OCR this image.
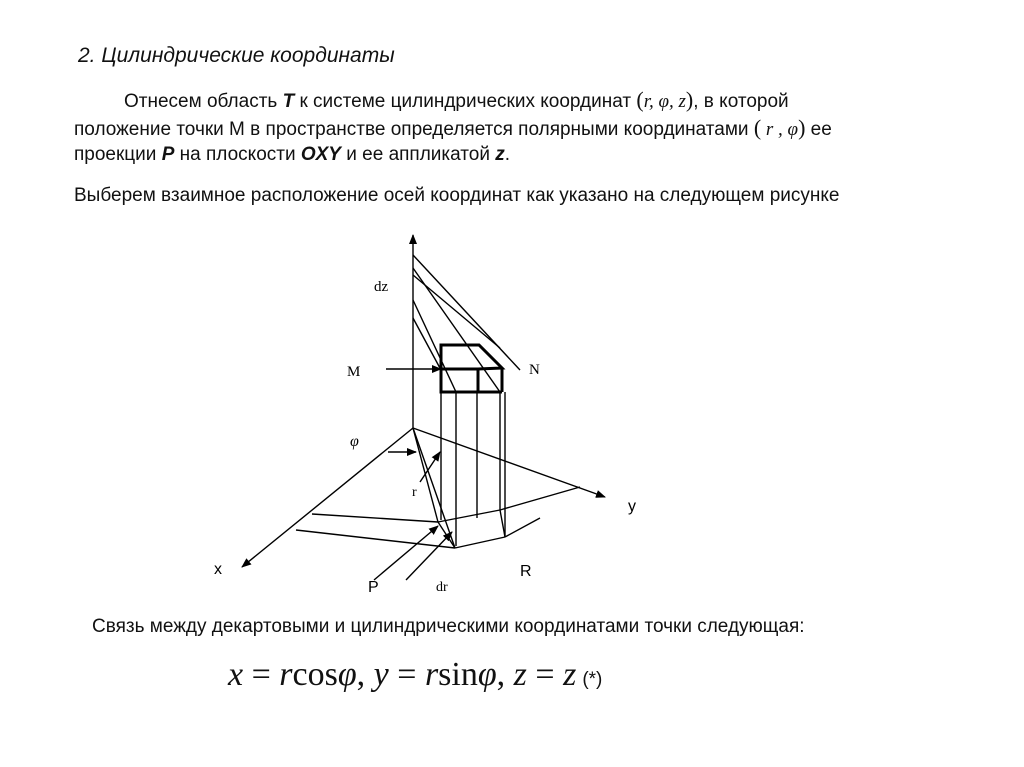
2. Цилиндрические координаты
Отнесем область T к системе цилиндрических координат (r, φ, z), в которой
положение точки М в пространстве определяется полярными координатами ( r , φ) ее
проекции P на плоскости OXY и ее аппликатой z.
Выберем взаимное расположение осей координат как указано на следующем рисунке
dz
M	N
φ
r
y
x
P	dr
R
Связь между декартовыми и цилиндрическими координатами точки следующая:
x = rcosφ, y = rsinφ, z = z (*)
